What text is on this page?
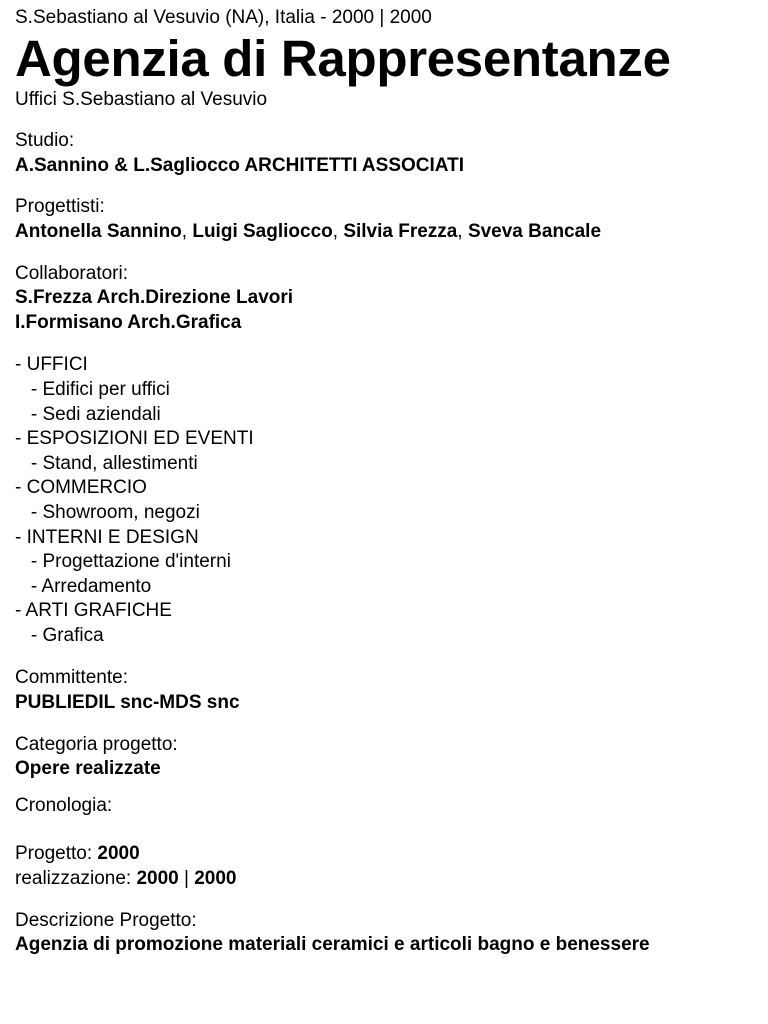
S.Sebastiano al Vesuvio (NA), Italia - 2000 | 2000
Agenzia di Rappresentanze
Uffici S.Sebastiano al Vesuvio
Studio:
A.Sannino & L.Sagliocco ARCHITETTI ASSOCIATI
Progettisti:
Antonella Sannino, Luigi Sagliocco, Silvia Frezza, Sveva Bancale
Collaboratori:
S.Frezza Arch.Direzione Lavori
I.Formisano Arch.Grafica
- UFFICI
- Edifici per uffici
- Sedi aziendali
- ESPOSIZIONI ED EVENTI
- Stand, allestimenti
- COMMERCIO
- Showroom, negozi
- INTERNI E DESIGN
- Progettazione d'interni
- Arredamento
- ARTI GRAFICHE
- Grafica
Committente:
PUBLIEDIL snc-MDS snc
Categoria progetto:
Opere realizzate
Cronologia:
Progetto: 2000
realizzazione: 2000 | 2000
Descrizione Progetto:
Agenzia di promozione materiali ceramici e articoli bagno e benessere
